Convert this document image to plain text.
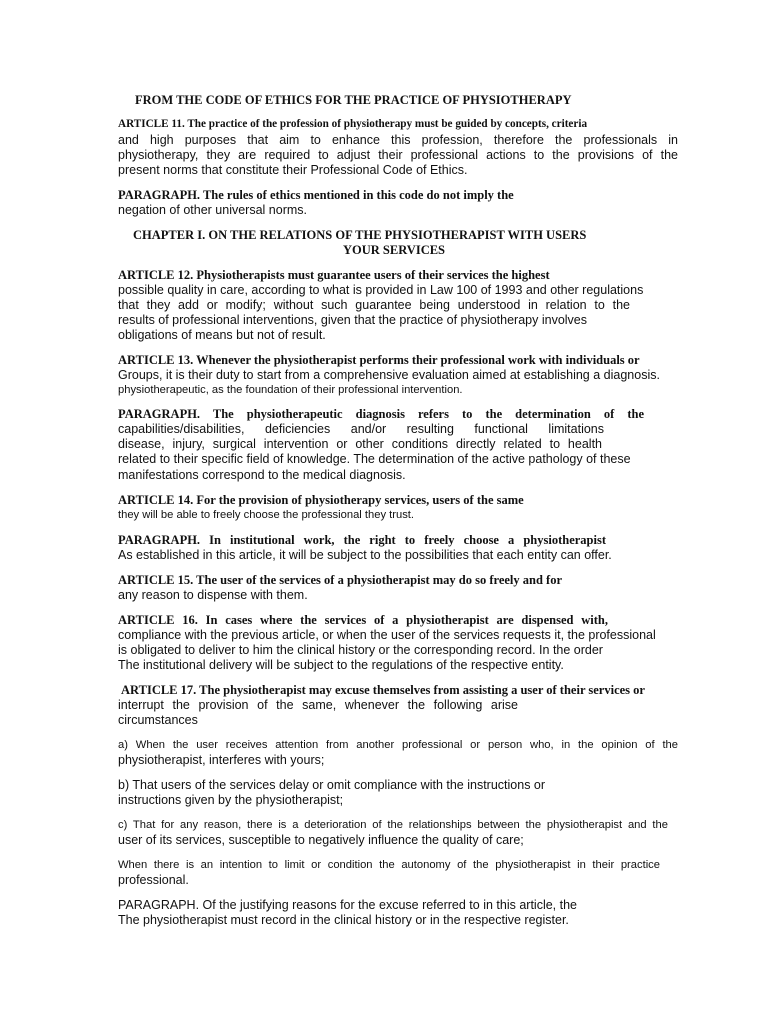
FROM THE CODE OF ETHICS FOR THE PRACTICE OF PHYSIOTHERAPY

ARTICLE 11. The practice of the profession of physiotherapy must be guided by concepts, criteria

and high purposes that aim to enhance this profession, therefore the professionals in

physiotherapy, they are required to adjust their professional actions to the provisions of the

present norms that constitute their Professional Code of Ethics.

PARAGRAPH. The rules of ethics mentioned in this code do not imply the

negation of other universal norms.

CHAPTER I. ON THE RELATIONS OF THE PHYSIOTHERAPIST WITH USERS

YOUR SERVICES

ARTICLE 12. Physiotherapists must guarantee users of their services the highest

possible quality in care, according to what is provided in Law 100 of 1993 and other regulations

that they add or modify; without such guarantee being understood in relation to the

results of professional interventions, given that the practice of physiotherapy involves

obligations of means but not of result.

ARTICLE 13. Whenever the physiotherapist performs their professional work with individuals or

Groups, it is their duty to start from a comprehensive evaluation aimed at establishing a diagnosis.

physiotherapeutic, as the foundation of their professional intervention.

PARAGRAPH. The physiotherapeutic diagnosis refers to the determination of the

capabilities/disabilities, deficiencies and/or resulting functional limitations

disease, injury, surgical intervention or other conditions directly related to health

related to their specific field of knowledge. The determination of the active pathology of these

manifestations correspond to the medical diagnosis.

ARTICLE 14. For the provision of physiotherapy services, users of the same

they will be able to freely choose the professional they trust.

PARAGRAPH. In institutional work, the right to freely choose a physiotherapist

As established in this article, it will be subject to the possibilities that each entity can offer.

ARTICLE 15. The user of the services of a physiotherapist may do so freely and for

any reason to dispense with them.

ARTICLE 16. In cases where the services of a physiotherapist are dispensed with,

compliance with the previous article, or when the user of the services requests it, the professional

is obligated to deliver to him the clinical history or the corresponding record. In the order

The institutional delivery will be subject to the regulations of the respective entity.

ARTICLE 17. The physiotherapist may excuse themselves from assisting a user of their services or

interrupt the provision of the same, whenever the following arise

circumstances

a) When the user receives attention from another professional or person who, in the opinion of the

physiotherapist, interferes with yours;

b) That users of the services delay or omit compliance with the instructions or

instructions given by the physiotherapist;

c) That for any reason, there is a deterioration of the relationships between the physiotherapist and the

user of its services, susceptible to negatively influence the quality of care;

When there is an intention to limit or condition the autonomy of the physiotherapist in their practice

professional.

PARAGRAPH. Of the justifying reasons for the excuse referred to in this article, the

The physiotherapist must record in the clinical history or in the respective register.
